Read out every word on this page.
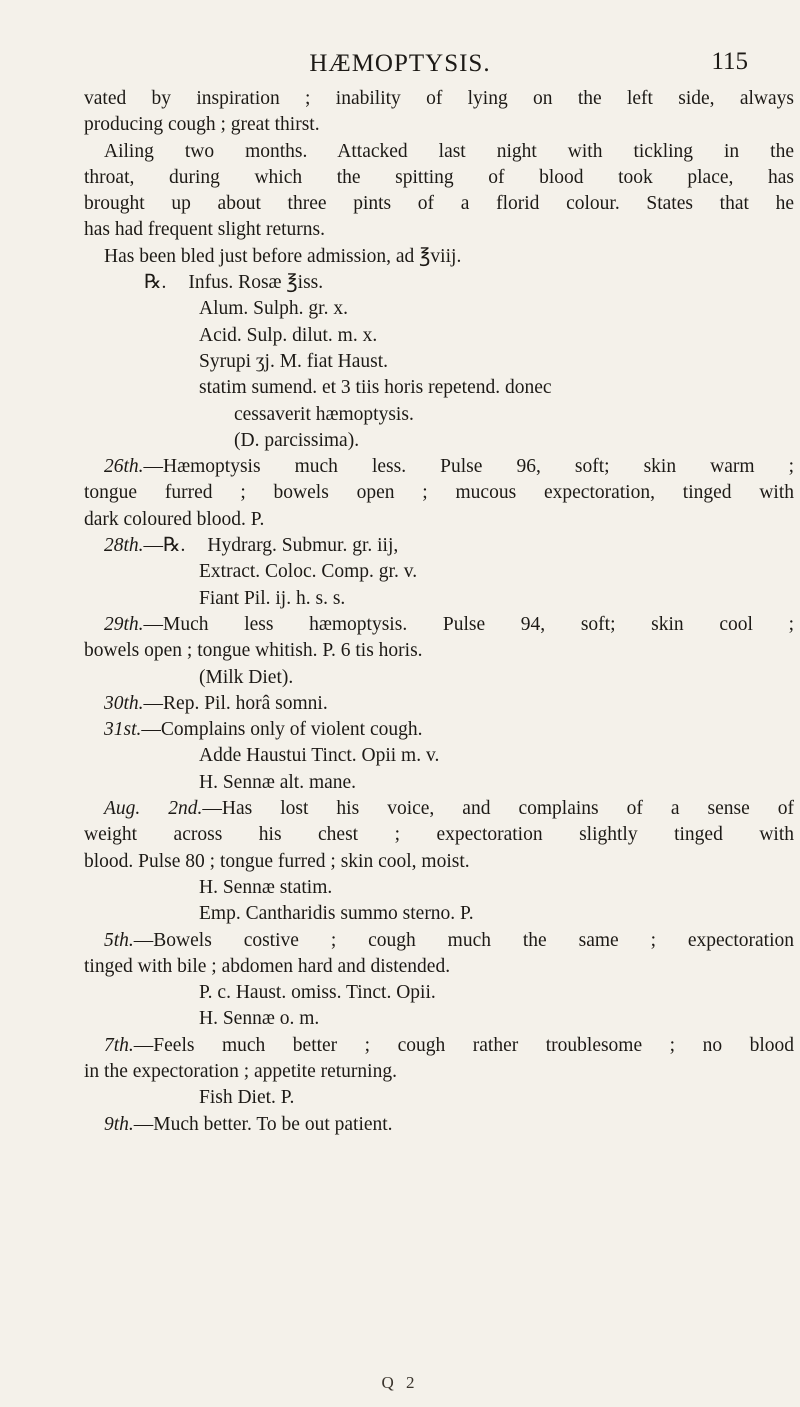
HÆMOPTYSIS.	115
vated by inspiration ; inability of lying on the left side, always
producing cough ; great thirst.
Ailing two months. Attacked last night with tickling in the
throat, during which the spitting of blood took place, has
brought up about three pints of a florid colour. States that he
has had frequent slight returns.
Has been bled just before admission, ad ℥viij.
℞. Infus. Rosæ ℥iss.
Alum. Sulph. gr. x.
Acid. Sulp. dilut. m. x.
Syrupi ʒj. M. fiat Haust.
statim sumend. et 3 tiis horis repetend. donec
cessaverit hæmoptysis.
(D. parcissima).
26th.—Hæmoptysis much less. Pulse 96, soft; skin warm ;
tongue furred ; bowels open ; mucous expectoration, tinged with
dark coloured blood. P.
28th.—℞. Hydrarg. Submur. gr. iij,
Extract. Coloc. Comp. gr. v.
Fiant Pil. ij. h. s. s.
29th.—Much less hæmoptysis. Pulse 94, soft; skin cool ;
bowels open ; tongue whitish. P. 6 tis horis.
(Milk Diet).
30th.—Rep. Pil. horâ somni.
31st.—Complains only of violent cough.
Adde Haustui Tinct. Opii m. v.
H. Sennæ alt. mane.
Aug. 2nd.—Has lost his voice, and complains of a sense of
weight across his chest ; expectoration slightly tinged with
blood. Pulse 80 ; tongue furred ; skin cool, moist.
H. Sennæ statim.
Emp. Cantharidis summo sterno. P.
5th.—Bowels costive ; cough much the same ; expectoration
tinged with bile ; abdomen hard and distended.
P. c. Haust. omiss. Tinct. Opii.
H. Sennæ o. m.
7th.—Feels much better ; cough rather troublesome ; no blood
in the expectoration ; appetite returning.
Fish Diet. P.
9th.—Much better. To be out patient.
Q 2
